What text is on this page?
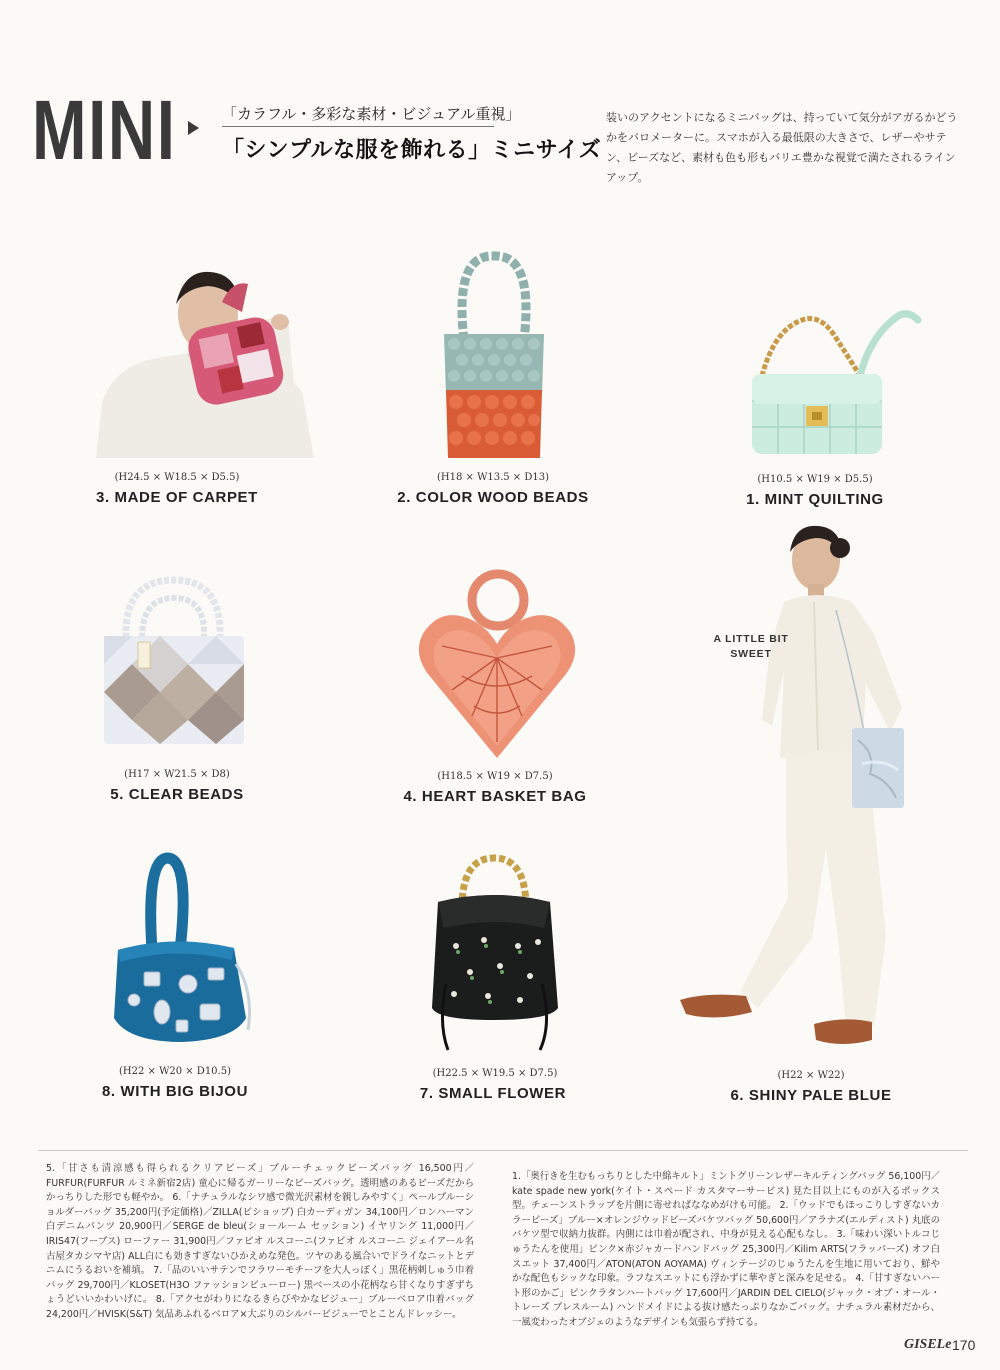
MINI	「カラフル・多彩な素材・ビジュアル重視」
「シンプルな服を飾れる」ミニサイズ
装いのアクセントになるミニバッグは、持っていて気分がアガるかどうかをバロメーターに。スマホが入る最低限の大きさで、レザーやサテン、ビーズなど、素材も色も形もバリエ豊かな視覚で満たされるラインアップ。
(H24.5 × W18.5 × D5.5)
3. MADE OF CARPET
(H18 × W13.5 × D13)
2. COLOR WOOD BEADS
(H10.5 × W19 × D5.5)
1. MINT QUILTING
(H17 × W21.5 × D8)
5. CLEAR BEADS
(H18.5 × W19 × D7.5)
4. HEART BASKET BAG
A LITTLE BIT
SWEET
(H22 × W22)
6. SHINY PALE BLUE
(H22 × W20 × D10.5)
8. WITH BIG BIJOU
(H22.5 × W19.5 × D7.5)
7. SMALL FLOWER
5.「甘さも清涼感も得られるクリアビーズ」ブルーチェックビーズバッグ 16,500円／FURFUR(FURFUR ルミネ新宿2店) 童心に帰るガーリーなビーズバッグ。透明感のあるビーズだからかっちりした形でも軽やか。 6.「ナチュラルなシワ感で微光沢素材を親しみやすく」ペールブルーショルダーバッグ 35,200円(予定価格)／ZILLA(ビショップ) 白カーディガン 34,100円／ロンハーマン 白デニムパンツ 20,900円／SERGE de bleu(ショールーム セッション) イヤリング 11,000円／IRIS47(フーブス) ローファー 31,900円／ファビオ ルスコーニ(ファビオ ルスコーニ ジェイアール名古屋タカシマヤ店) ALL白にも効きすぎないひかえめな発色。ツヤのある風合いでドライなニットとデニムにうるおいを補填。 7.「品のいいサテンでフラワーモチーフを大人っぽく」黒花柄刺しゅう巾着バッグ 29,700円／KLOSET(H3O ファッションビューロー) 黒ベースの小花柄なら甘くなりすぎずちょうどいいかわいげに。 8.「アクセがわりになるきらびやかなビジュー」ブルーベロア巾着バッグ 24,200円／HVISK(S&T) 気品あふれるベロア×大ぶりのシルバービジューでとことんドレッシー。
1.「奥行きを生むもっちりとした中綿キルト」ミントグリーンレザーキルティングバッグ 56,100円／kate spade new york(ケイト・スペード カスタマーサービス) 見た目以上にものが入るボックス型。チェーンストラップを片側に寄せればななめがけも可能。 2.「ウッドでもほっこりしすぎないカラービーズ」ブルー×オレンジウッドビーズバケツバッグ 50,600円／アラナズ(エルディスト) 丸底のバケツ型で収納力抜群。内側には巾着が配され、中身が見える心配もなし。 3.「味わい深いトルコじゅうたんを使用」ピンク×赤ジャカードハンドバッグ 25,300円／Kilim ARTS(フラッパーズ) オフ白スエット 37,400円／ATON(ATON AOYAMA) ヴィンテージのじゅうたんを生地に用いており、鮮やかな配色もシックな印象。ラフなスエットにも浮かずに華やぎと深みを足せる。 4.「甘すぎないハート形のかご」ピンクラタンハートバッグ 17,600円／JARDIN DEL CIELO(ジャック・オブ・オール・トレーズ プレスルーム) ハンドメイドによる抜け感たっぷりなかごバッグ。ナチュラル素材だから、一風変わったオブジェのようなデザインも気張らず持てる。
GISELe 170
